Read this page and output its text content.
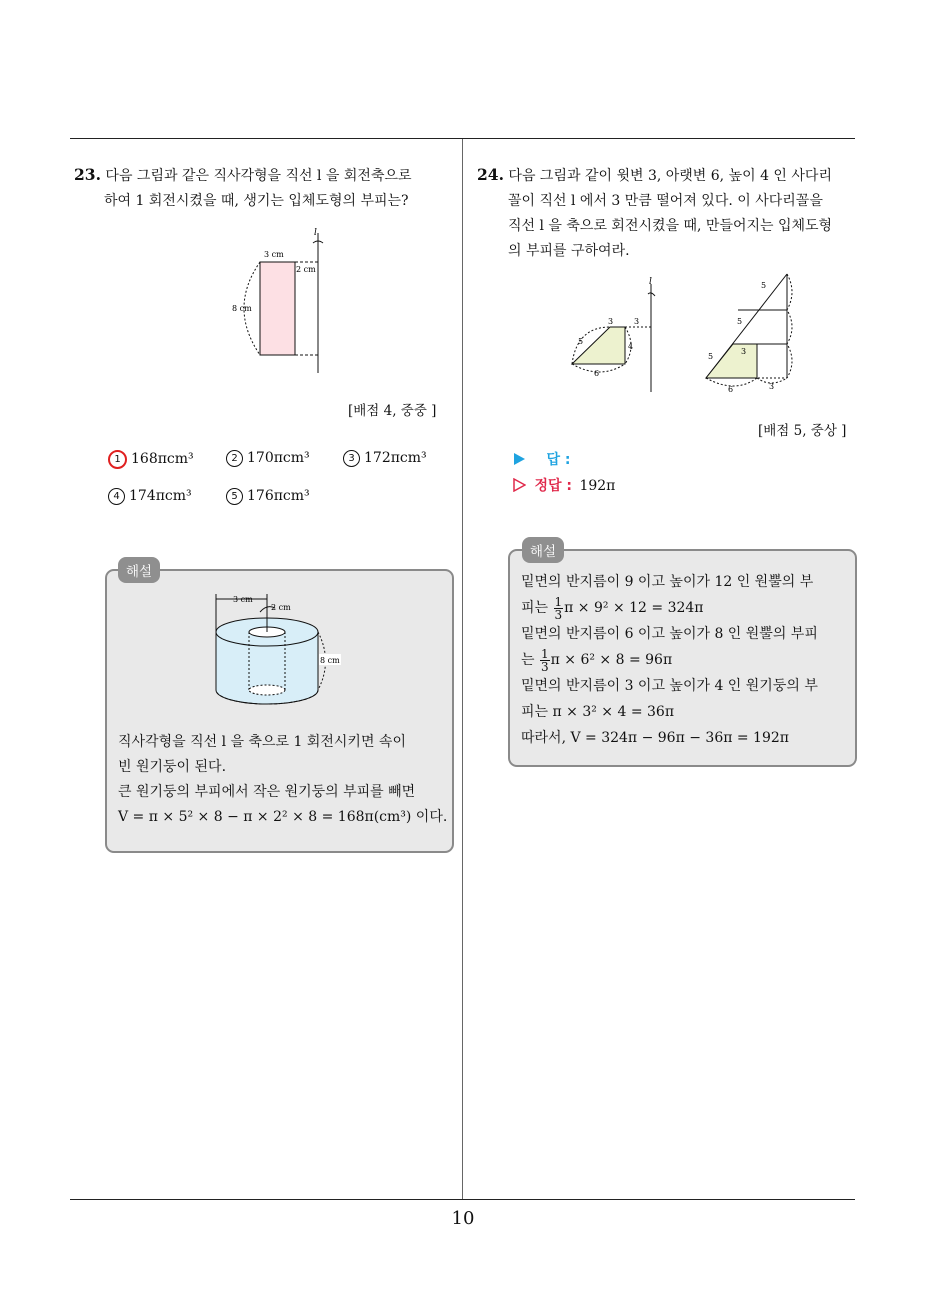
10
23. 다음 그림과 같은 직사각형을 직선 l 을 회전축으로
하여 1 회전시켰을 때, 생기는 입체도형의 부피는?
l
3 cm
2 cm
8 cm
[배점 4, 중중 ]
1 168πcm³	2 170πcm³	3 172πcm³
4 174πcm³	5 176πcm³
해설
3 cm
2 cm
8 cm
직사각형을 직선 l 을 축으로 1 회전시키면 속이
빈 원기둥이 된다.
큰 원기둥의 부피에서 작은 원기둥의 부피를 빼면
V = π × 5² × 8 − π × 2² × 8 = 168π(cm³) 이다.
24. 다음 그림과 같이 윗변 3, 아랫변 6, 높이 4 인 사다리
꼴이 직선 l 에서 3 만큼 떨어져 있다. 이 사다리꼴을
직선 l 을 축으로 회전시켰을 때, 만들어지는 입체도형
의 부피를 구하여라.
l
5
3	3
4
6
5
5
5
3
6	3
[배점 5, 중상 ]
답 :
정답 : 192π
해설
밑면의 반지름이 9 이고 높이가 12 인 원뿔의 부
피는 $\frac{1}{3}$ π × 9² × 12 = 324π
밑면의 반지름이 6 이고 높이가 8 인 원뿔의 부피
는 $\frac{1}{3}$ π × 6² × 8 = 96π
밑면의 반지름이 3 이고 높이가 4 인 원기둥의 부
피는 π × 3² × 4 = 36π
따라서, V = 324π − 96π − 36π = 192π
